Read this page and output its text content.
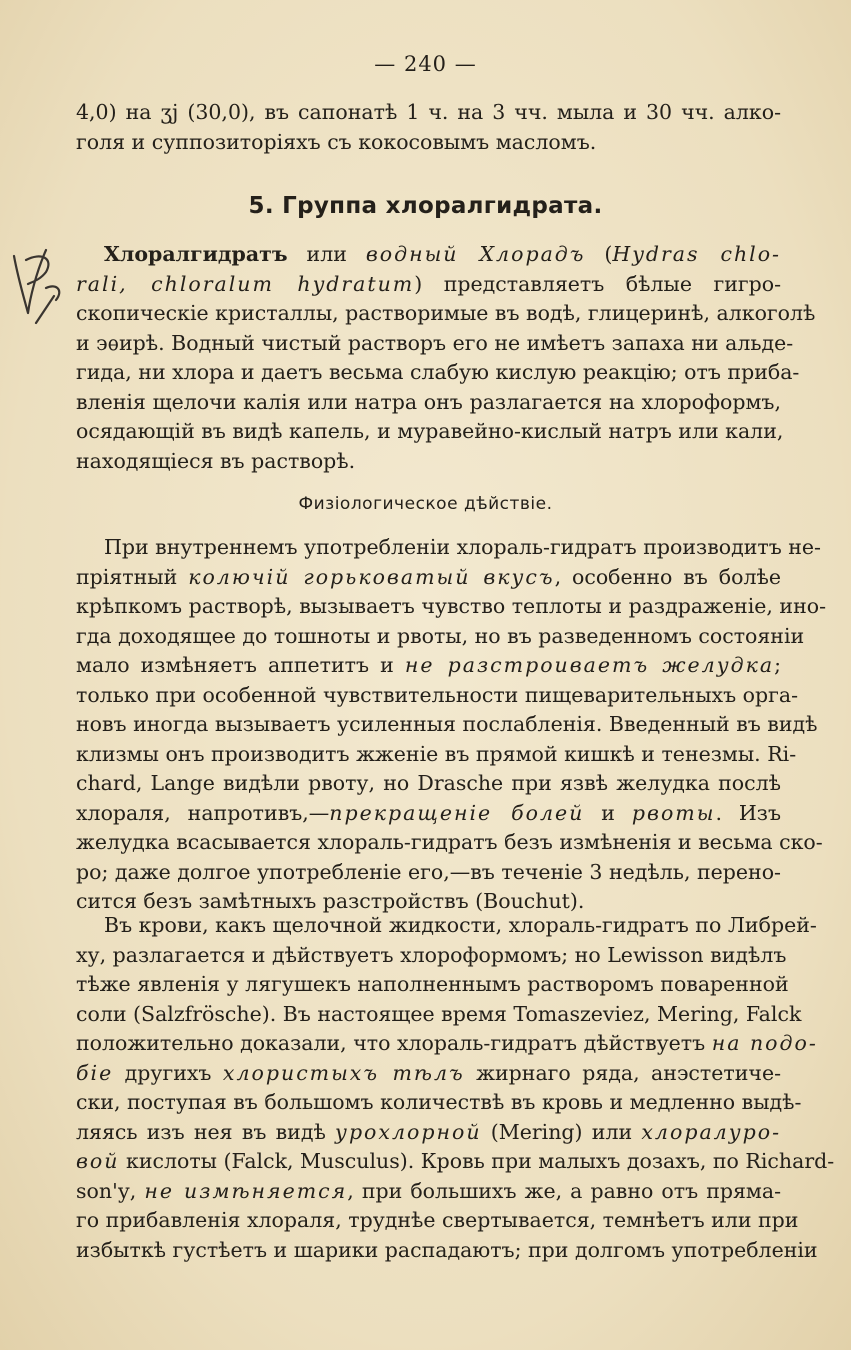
— 240 —
4,0) на ʒj (30,0), въ сапонатѣ 1 ч. на 3 чч. мыла и 30 чч. алко-
голя и суппозиторіяхъ съ кокосовымъ масломъ.
5. Группа хлоралгидрата.
Хлоралгидратъ или водный Хлорадъ (Hydras chlo-
rali, chloralum hydratum) представляетъ бѣлые гигро-
скопическіе кристаллы, растворимые въ водѣ, глицеринѣ, алкоголѣ
и эѳирѣ. Водный чистый растворъ его не имѣетъ запаха ни альде-
гида, ни хлора и даетъ весьма слабую кислую реакцію; отъ приба-
вленія щелочи калія или натра онъ разлагается на хлороформъ,
осядающій въ видѣ капель, и муравейно-кислый натръ или кали,
находящіеся въ растворѣ.
Физіологическое дѣйствіе.
При внутреннемъ употребленіи хлораль-гидратъ производитъ не-
пріятный колючій горьковатый вкусъ, особенно въ болѣе
крѣпкомъ растворѣ, вызываетъ чувство теплоты и раздраженіе, ино-
гда доходящее до тошноты и рвоты, но въ разведенномъ состояніи
мало измѣняетъ аппетитъ и не разстроиваетъ желудка;
только при особенной чувствительности пищеварительныхъ орга-
новъ иногда вызываетъ усиленныя послабленія. Введенный въ видѣ
клизмы онъ производитъ жженіе въ прямой кишкѣ и тенезмы. Ri-
chard, Lange видѣли рвоту, но Drasche при язвѣ желудка послѣ
хлораля, напротивъ,—прекращеніе болей и рвоты. Изъ
желудка всасывается хлораль-гидратъ безъ измѣненія и весьма ско-
ро; даже долгое употребленіе его,—въ теченіе 3 недѣль, перено-
сится безъ замѣтныхъ разстройствъ (Bouchut).
Въ крови, какъ щелочной жидкости, хлораль-гидратъ по Либрей-
ху, разлагается и дѣйствуетъ хлороформомъ; но Lewisson видѣлъ
тѣже явленія у лягушекъ наполненнымъ растворомъ поваренной
соли (Salzfrösche). Въ настоящее время Tomaszeviez, Mering, Falck
положительно доказали, что хлораль-гидратъ дѣйствуетъ на подо-
біе другихъ хлористыхъ тѣлъ жирнаго ряда, анэстетиче-
ски, поступая въ большомъ количествѣ въ кровь и медленно выдѣ-
ляясь изъ нея въ видѣ урохлорной (Mering) или хлоралуро-
вой кислоты (Falck, Musculus). Кровь при малыхъ дозахъ, по Richard-
son'у, не измѣняется, при большихъ же, а равно отъ пряма-
го прибавленія хлораля, труднѣе свертывается, темнѣетъ или при
избыткѣ густѣетъ и шарики распадаютъ; при долгомъ употребленіи
